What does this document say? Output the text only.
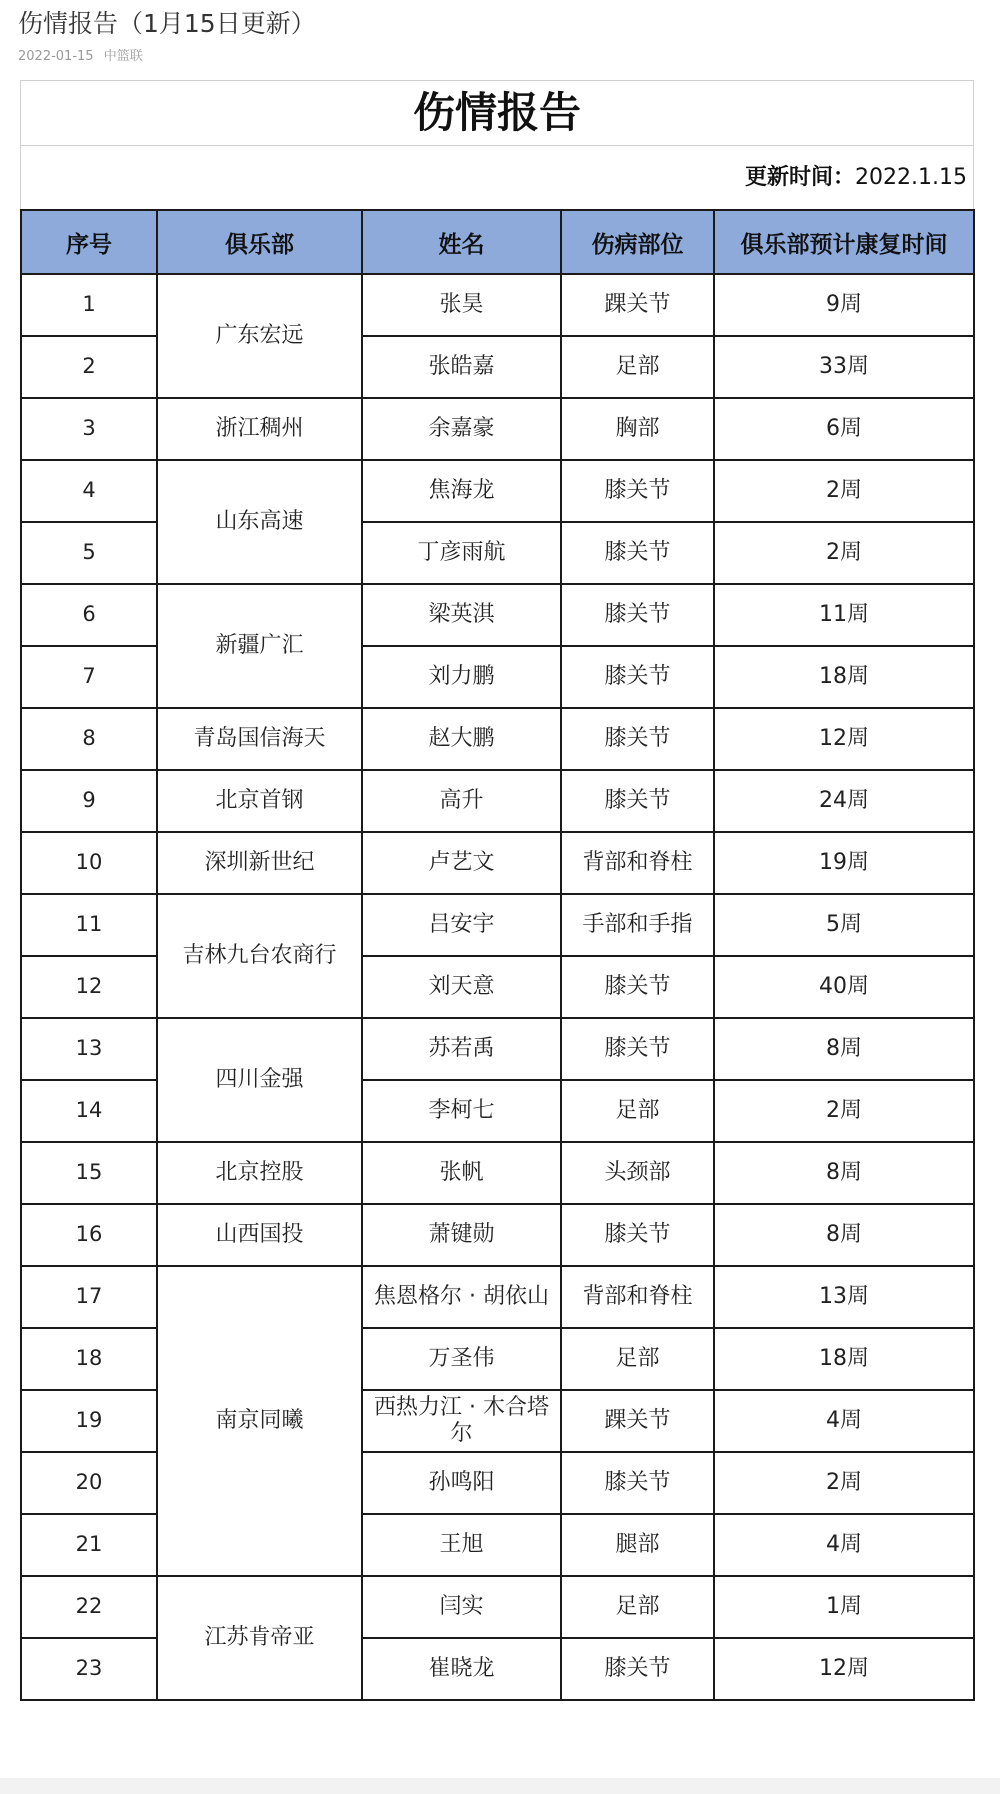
伤情报告（1月15日更新）
2022-01-15 中篮联
伤情报告
更新时间：2022.1.15
序号	俱乐部	姓名	伤病部位	俱乐部预计康复时间
1	广东宏远	张昊	踝关节	9周
2		张皓嘉	足部	33周
3	浙江稠州	余嘉豪	胸部	6周
4	山东高速	焦海龙	膝关节	2周
5		丁彦雨航	膝关节	2周
6	新疆广汇	梁英淇	膝关节	11周
7		刘力鹏	膝关节	18周
8	青岛国信海天	赵大鹏	膝关节	12周
9	北京首钢	高升	膝关节	24周
10	深圳新世纪	卢艺文	背部和脊柱	19周
11	吉林九台农商行	吕安宇	手部和手指	5周
12		刘天意	膝关节	40周
13	四川金强	苏若禹	膝关节	8周
14		李柯七	足部	2周
15	北京控股	张帆	头颈部	8周
16	山西国投	萧键勋	膝关节	8周
17	南京同曦	焦恩格尔 · 胡依山	背部和脊柱	13周
18		万圣伟	足部	18周
19		西热力江 · 木合塔尔	踝关节	4周
20		孙鸣阳	膝关节	2周
21		王旭	腿部	4周
22	江苏肯帝亚	闫实	足部	1周
23		崔晓龙	膝关节	12周
